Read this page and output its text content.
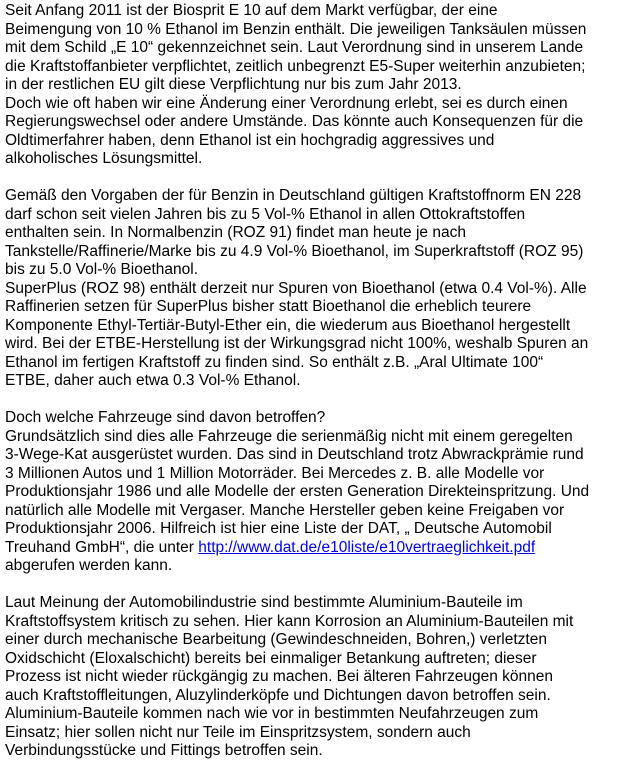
Seit Anfang 2011 ist der Biosprit E 10 auf dem Markt verfügbar, der eine
Beimengung von 10 % Ethanol im Benzin enthält. Die jeweiligen Tanksäulen müssen
mit dem Schild „E 10“ gekennzeichnet sein. Laut Verordnung sind in unserem Lande
die Kraftstoffanbieter verpflichtet, zeitlich unbegrenzt E5-Super weiterhin anzubieten;
in der restlichen EU gilt diese Verpflichtung nur bis zum Jahr 2013.
Doch wie oft haben wir eine Änderung einer Verordnung erlebt, sei es durch einen
Regierungswechsel oder andere Umstände. Das könnte auch Konsequenzen für die
Oldtimerfahrer haben, denn Ethanol ist ein hochgradig aggressives und
alkoholisches Lösungsmittel.
Gemäß den Vorgaben der für Benzin in Deutschland gültigen Kraftstoffnorm EN 228
darf schon seit vielen Jahren bis zu 5 Vol-% Ethanol in allen Ottokraftstoffen
enthalten sein. In Normalbenzin (ROZ 91) findet man heute je nach
Tankstelle/Raffinerie/Marke bis zu 4.9 Vol-% Bioethanol, im Superkraftstoff (ROZ 95)
bis zu 5.0 Vol-% Bioethanol.
SuperPlus (ROZ 98) enthält derzeit nur Spuren von Bioethanol (etwa 0.4 Vol-%). Alle
Raffinerien setzen für SuperPlus bisher statt Bioethanol die erheblich teurere
Komponente Ethyl-Tertiär-Butyl-Ether ein, die wiederum aus Bioethanol hergestellt
wird. Bei der ETBE-Herstellung ist der Wirkungsgrad nicht 100%, weshalb Spuren an
Ethanol im fertigen Kraftstoff zu finden sind. So enthält z.B. „Aral Ultimate 100“
ETBE, daher auch etwa 0.3 Vol-% Ethanol.
Doch welche Fahrzeuge sind davon betroffen?
Grundsätzlich sind dies alle Fahrzeuge die serienmäßig nicht mit einem geregelten
3-Wege-Kat ausgerüstet wurden. Das sind in Deutschland trotz Abwrackprämie rund
3 Millionen Autos und 1 Million Motorräder. Bei Mercedes z. B. alle Modelle vor
Produktionsjahr 1986 und alle Modelle der ersten Generation Direkteinspritzung. Und
natürlich alle Modelle mit Vergaser. Manche Hersteller geben keine Freigaben vor
Produktionsjahr 2006. Hilfreich ist hier eine Liste der DAT, „ Deutsche Automobil
Treuhand GmbH“, die unter http://www.dat.de/e10liste/e10vertraeglichkeit.pdf
abgerufen werden kann.
Laut Meinung der Automobilindustrie sind bestimmte Aluminium-Bauteile im
Kraftstoffsystem kritisch zu sehen. Hier kann Korrosion an Aluminium-Bauteilen mit
einer durch mechanische Bearbeitung (Gewindeschneiden, Bohren,) verletzten
Oxidschicht (Eloxalschicht) bereits bei einmaliger Betankung auftreten; dieser
Prozess ist nicht wieder rückgängig zu machen. Bei älteren Fahrzeugen können
auch Kraftstoffleitungen, Aluzylinderköpfe und Dichtungen davon betroffen sein.
Aluminium-Bauteile kommen nach wie vor in bestimmten Neufahrzeugen zum
Einsatz; hier sollen nicht nur Teile im Einspritzsystem, sondern auch
Verbindungsstücke und Fittings betroffen sein.
